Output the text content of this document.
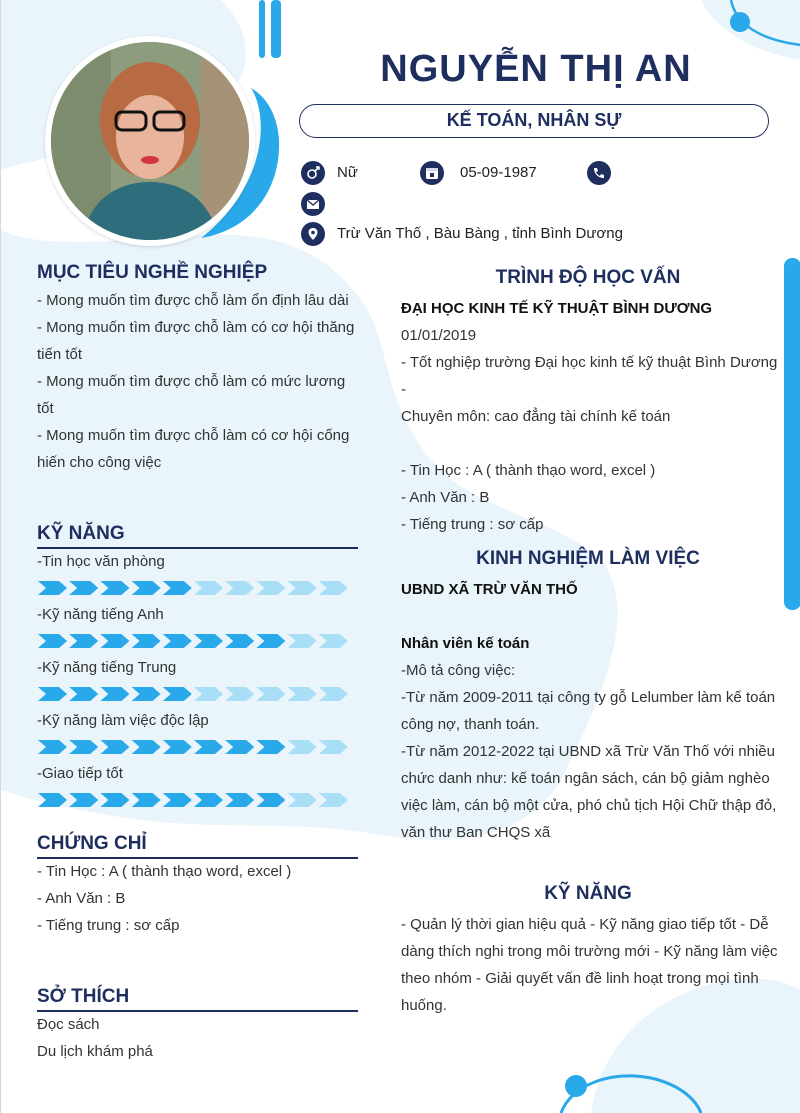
NGUYỄN THỊ AN
KẾ TOÁN, NHÂN SỰ
Nữ	05-09-1987
Trừ Văn Thố , Bàu Bàng , tỉnh Bình Dương
MỤC TIÊU NGHỀ NGHIỆP
- Mong muốn tìm được chỗ làm ổn định lâu dài
- Mong muốn tìm được chỗ làm có cơ hội thăng
tiến tốt
- Mong muốn tìm được chỗ làm có mức lương
tốt
- Mong muốn tìm được chỗ làm có cơ hội cống
hiến cho công việc
KỸ NĂNG
-Tin học văn phòng
-Kỹ năng tiếng Anh
-Kỹ năng tiếng Trung
-Kỹ năng làm việc độc lập
-Giao tiếp tốt
CHỨNG CHỈ
- Tin Học : A ( thành thạo word, excel )
- Anh Văn : B
- Tiếng trung : sơ cấp
SỞ THÍCH
Đọc sách
Du lịch khám phá
TRÌNH ĐỘ HỌC VẤN
ĐẠI HỌC KINH TẾ KỸ THUẬT BÌNH DƯƠNG
01/01/2019
- Tốt nghiệp trường Đại học kinh tế kỹ thuật Bình Dương -
Chuyên môn: cao đẳng tài chính kế toán
- Tin Học : A ( thành thạo word, excel )
- Anh Văn : B
- Tiếng trung : sơ cấp
KINH NGHIỆM LÀM VIỆC
UBND XÃ TRỪ VĂN THỐ
Nhân viên kế toán
-Mô tả công việc:
-Từ năm 2009-2011 tại công ty gỗ Lelumber làm kế toán
công nợ, thanh toán.
-Từ năm 2012-2022 tại UBND xã Trừ Văn Thố với nhiều
chức danh như: kế toán ngân sách, cán bộ giảm nghèo
việc làm, cán bộ một cửa, phó chủ tịch Hội Chữ thập đỏ,
văn thư Ban CHQS xã
KỸ NĂNG
- Quản lý thời gian hiệu quả - Kỹ năng giao tiếp tốt - Dễ
dàng thích nghi trong môi trường mới - Kỹ năng làm việc
theo nhóm - Giải quyết vấn đề linh hoạt trong mọi tình
huống.
